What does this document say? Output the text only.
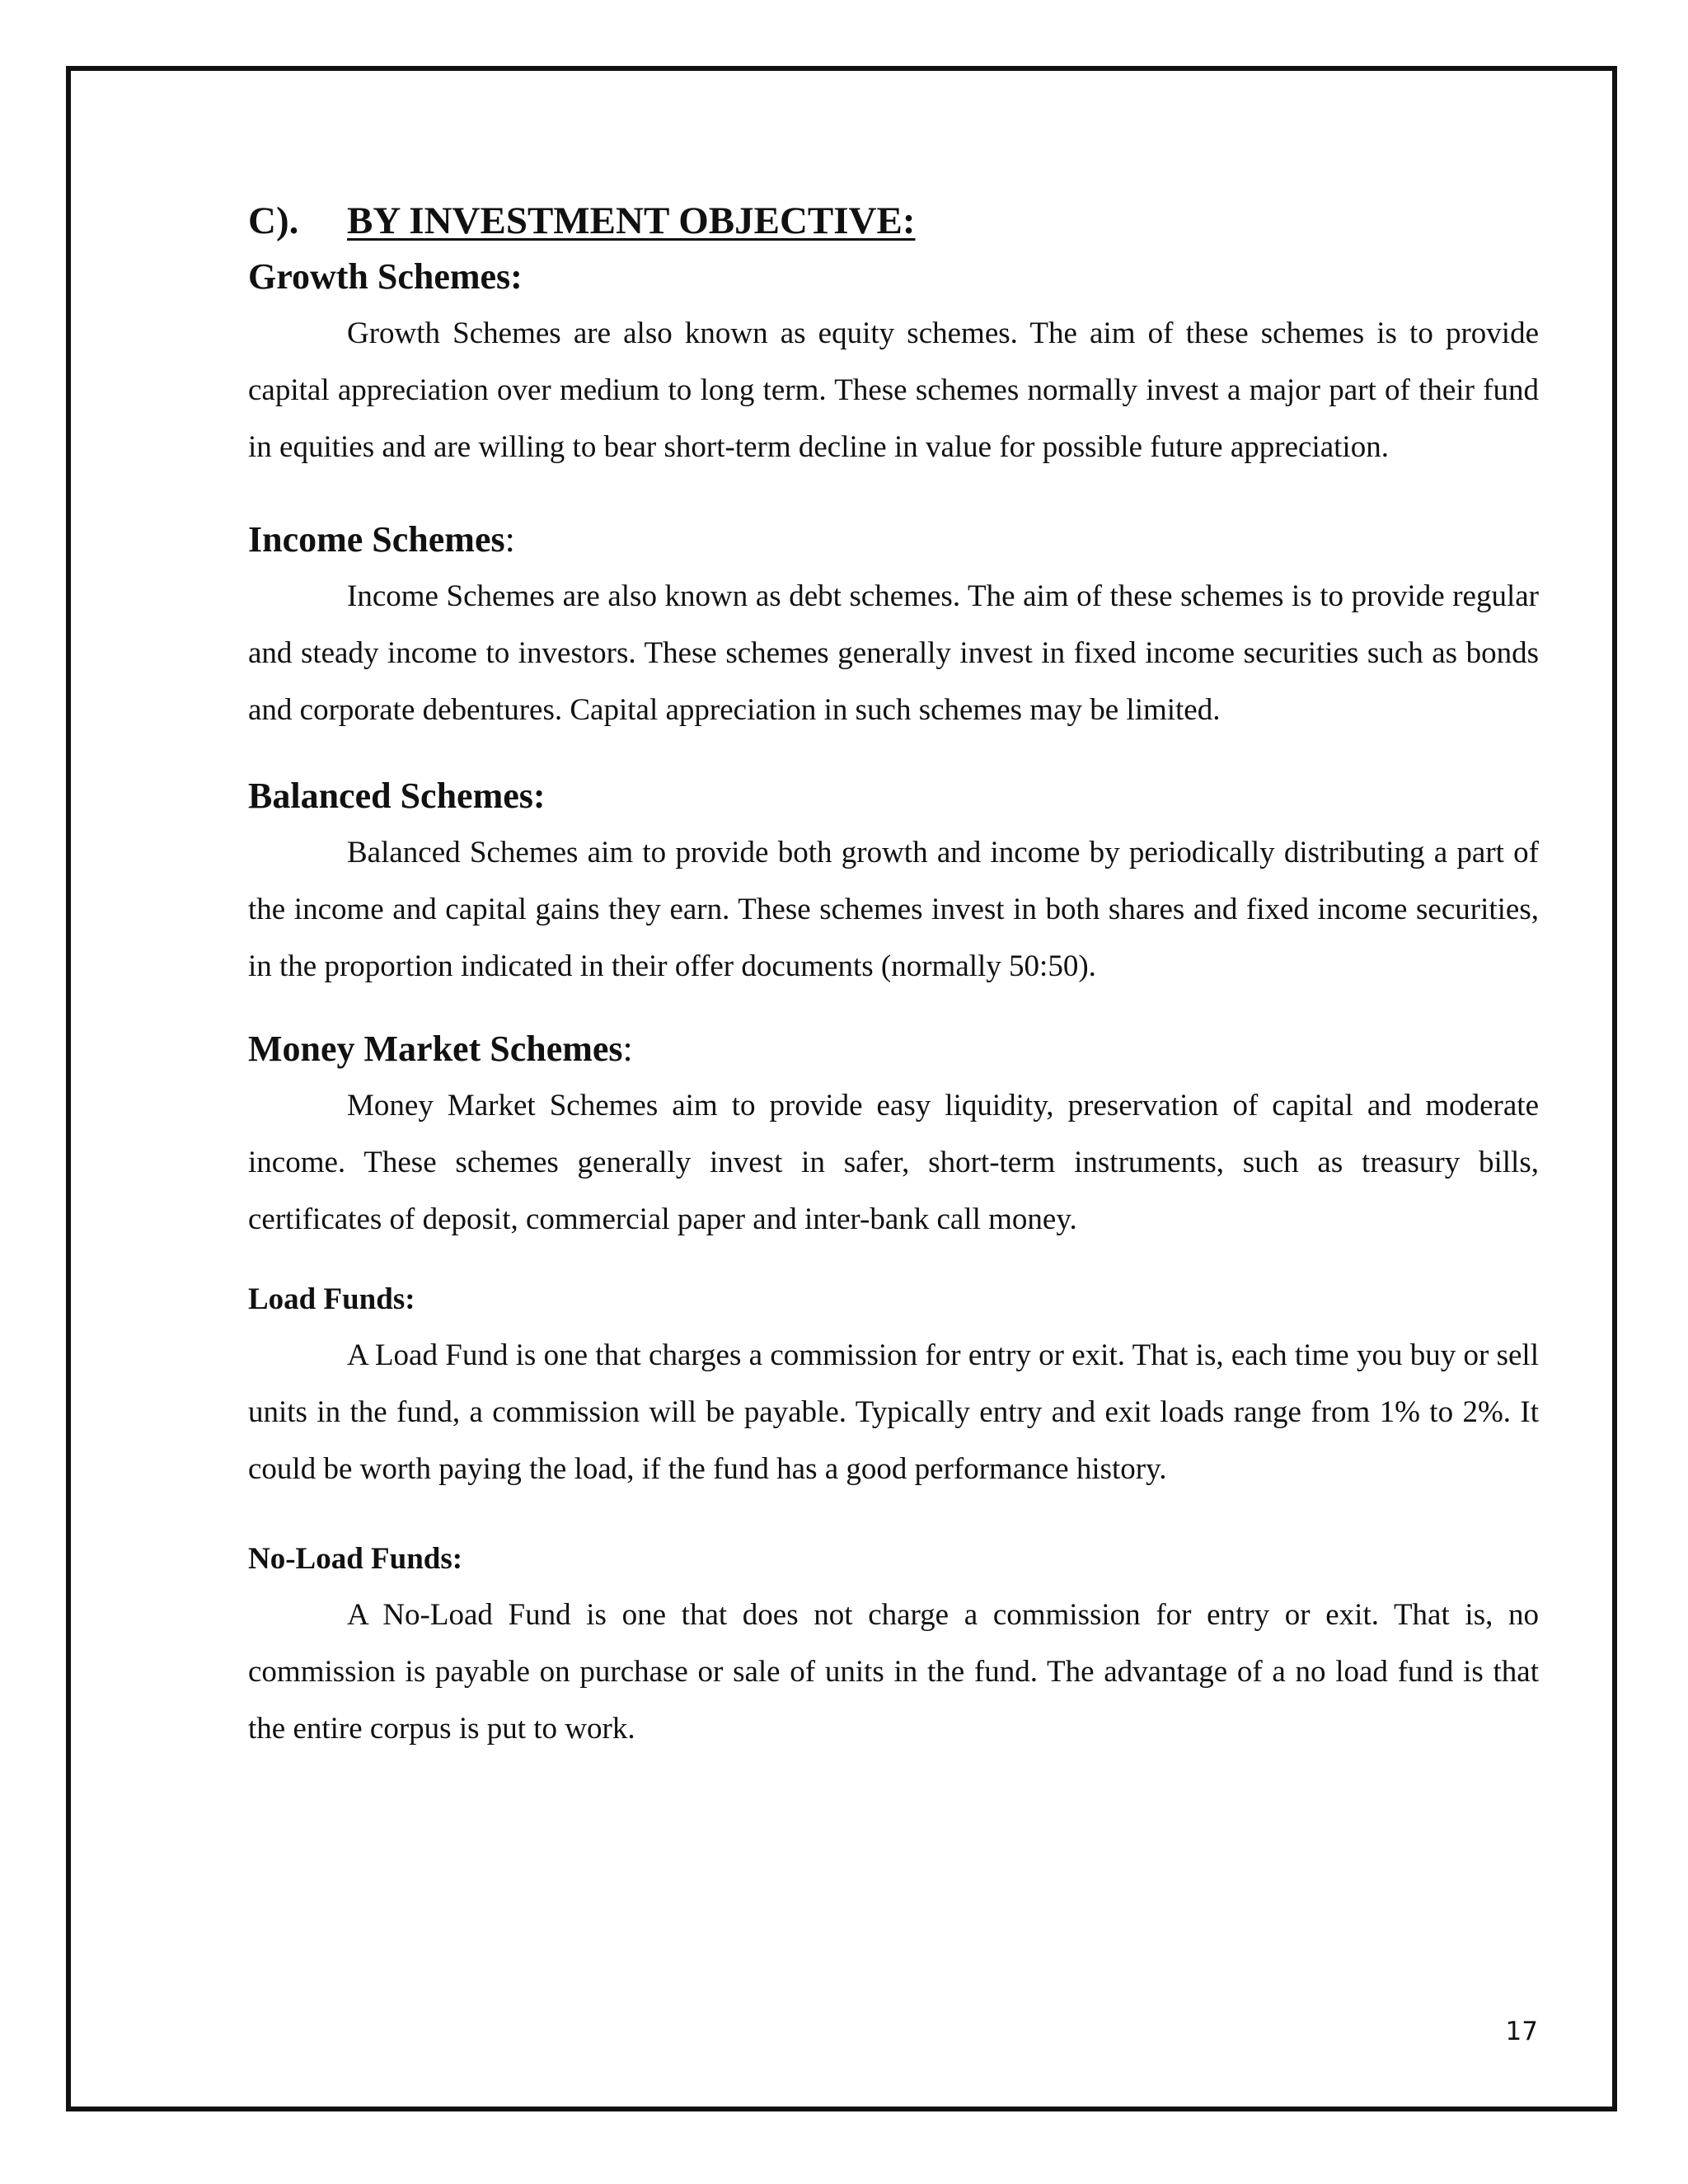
C).	BY INVESTMENT OBJECTIVE:
Growth Schemes:

Growth Schemes are also known as equity schemes. The aim of these schemes is to provide capital appreciation over medium to long term. These schemes normally invest a major part of their fund in equities and are willing to bear short-term decline in value for possible future appreciation.

Income Schemes:

Income Schemes are also known as debt schemes. The aim of these schemes is to provide regular and steady income to investors. These schemes generally invest in fixed income securities such as bonds and corporate debentures. Capital appreciation in such schemes may be limited.

Balanced Schemes:

Balanced Schemes aim to provide both growth and income by periodically distributing a part of the income and capital gains they earn. These schemes invest in both shares and fixed income securities, in the proportion indicated in their offer documents (normally 50:50).

Money Market Schemes:

Money Market Schemes aim to provide easy liquidity, preservation of capital and moderate income. These schemes generally invest in safer, short-term instruments, such as treasury bills, certificates of deposit, commercial paper and inter-bank call money.

Load Funds:

A Load Fund is one that charges a commission for entry or exit. That is, each time you buy or sell units in the fund, a commission will be payable. Typically entry and exit loads range from 1% to 2%. It could be worth paying the load, if the fund has a good performance history.

No-Load Funds:

A No-Load Fund is one that does not charge a commission for entry or exit. That is, no commission is payable on purchase or sale of units in the fund. The advantage of a no load fund is that the entire corpus is put to work.

17
